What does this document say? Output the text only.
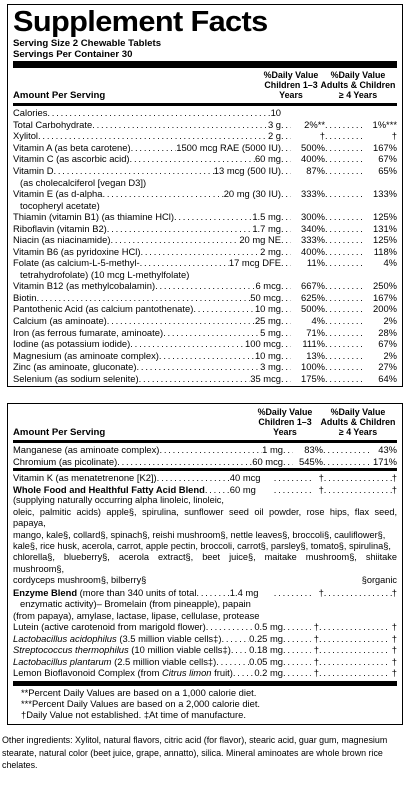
Supplement Facts
Serving Size 2 Chewable Tablets
Servings Per Container 30
%Daily Value
Children 1–3
Years
%Daily Value
Adults & Children
≥ 4 Years
Amount Per Serving
Calories . . .	10
Total Carbohydrate . . .	3 g . . .	2%** . . .	1%***
Xylitol . . .	2 g . . .	† . . .	†
Vitamin A (as beta carotene) . . .	1500 mcg RAE (5000 IU) . . .	500% . . .	167%
Vitamin C (as ascorbic acid) . . .	60 mg . . .	400% . . .	67%
Vitamin D . . .	13 mcg (500 IU) . . .	87% . . .	65%
(as cholecalciferol [vegan D3])
Vitamin E (as d-alpha . . .	20 mg (30 IU) . . .	333% . . .	133%
tocopheryl acetate)
Thiamin (vitamin B1) (as thiamine HCl) . . .	1.5 mg . . .	300% . . .	125%
Riboflavin (vitamin B2) . . .	1.7 mg . . .	340% . . .	131%
Niacin (as niacinamide) . . .	20 mg NE . . .	333% . . .	125%
Vitamin B6 (as pyridoxine HCl) . . .	2 mg . . .	400% . . .	118%
Folate (as calcium-L-5-methyl- . . .	17 mcg DFE . . .	11% . . .	4%
tetrahydrofolate) (10 mcg L-methylfolate)
Vitamin B12 (as methylcobalamin) . . .	6 mcg . . .	667% . . .	250%
Biotin . . .	50 mcg . . .	625% . . .	167%
Pantothenic Acid (as calcium pantothenate) . . .	10 mg . . .	500% . . .	200%
Calcium (as aminoate) . . .	25 mg . . .	4% . . .	2%
Iron (as ferrous fumarate, aminoate) . . .	5 mg . . .	71% . . .	28%
Iodine (as potassium iodide) . . .	100 mcg . . .	111% . . .	67%
Magnesium (as aminoate complex) . . .	10 mg . . .	13% . . .	2%
Zinc (as aminoate, gluconate) . . .	3 mg . . .	100% . . .	27%
Selenium (as sodium selenite) . . .	35 mcg . . .	175% . . .	64%
%Daily Value
Children 1–3
Years
%Daily Value
Adults & Children
≥ 4 Years
Amount Per Serving
Manganese (as aminoate complex) . . .	1 mg . . .	83% . . .	43%
Chromium (as picolinate) . . .	60 mcg . . .	545% . . .	171%
Vitamin K (as menatetrenone [K2]) . . .	40 mcg . . .	† . . .	†
Whole Food and Healthful Fatty Acid Blend . . .	60 mg . . .	† . . .	†
(supplying naturally occurring alpha linoleic, linoleic,
oleic, palmitic acids) apple§, spirulina, sunflower seed oil powder, rose hips, flax seed, papaya,
mango, kale§, collard§, spinach§, reishi mushroom§, nettle leaves§, broccoli§, cauliflower§,
kale§, rice husk, acerola, carrot, apple pectin, broccoli, carrot§, parsley§, tomato§, spirulina§,
chlorella§, blueberry§, acerola extract§, beet juice§, maitake mushroom§, shiitake mushroom§,
cordyceps mushroom§, bilberry§	§organic
Enzyme Blend (more than 340 units of total . . .	1.4 mg . . .	† . . .	†
enzymatic activity)– Bromelain (from pineapple), papain
(from papaya), amylase, lactase, lipase, cellulase, protease
Lutein (active carotenoid from marigold flower) . . .	0.5 mg . . .	† . . .	†
Lactobacillus acidophilus (3.5 million viable cells‡) . . .	0.25 mg . . .	† . . .	†
Streptococcus thermophilus (10 million viable cells‡) . . . 0.18 mg . . .	† . . .	†
Lactobacillus plantarum (2.5 million viable cells‡) . . .	0.05 mg . . .	† . . .	†
Lemon Bioflavonoid Complex (from Citrus limon fruit) . . . 0.2 mg . . .	† . . .	†
**Percent Daily Values are based on a 1,000 calorie diet.
***Percent Daily Values are based on a 2,000 calorie diet.
†Daily Value not established. ‡At time of manufacture.
Other ingredients: Xylitol, natural flavors, citric acid (for flavor), stearic acid, guar gum, magnesium stearate, natural color (beet juice, grape, annatto), silica. Mineral aminoates are whole brown rice chelates.
